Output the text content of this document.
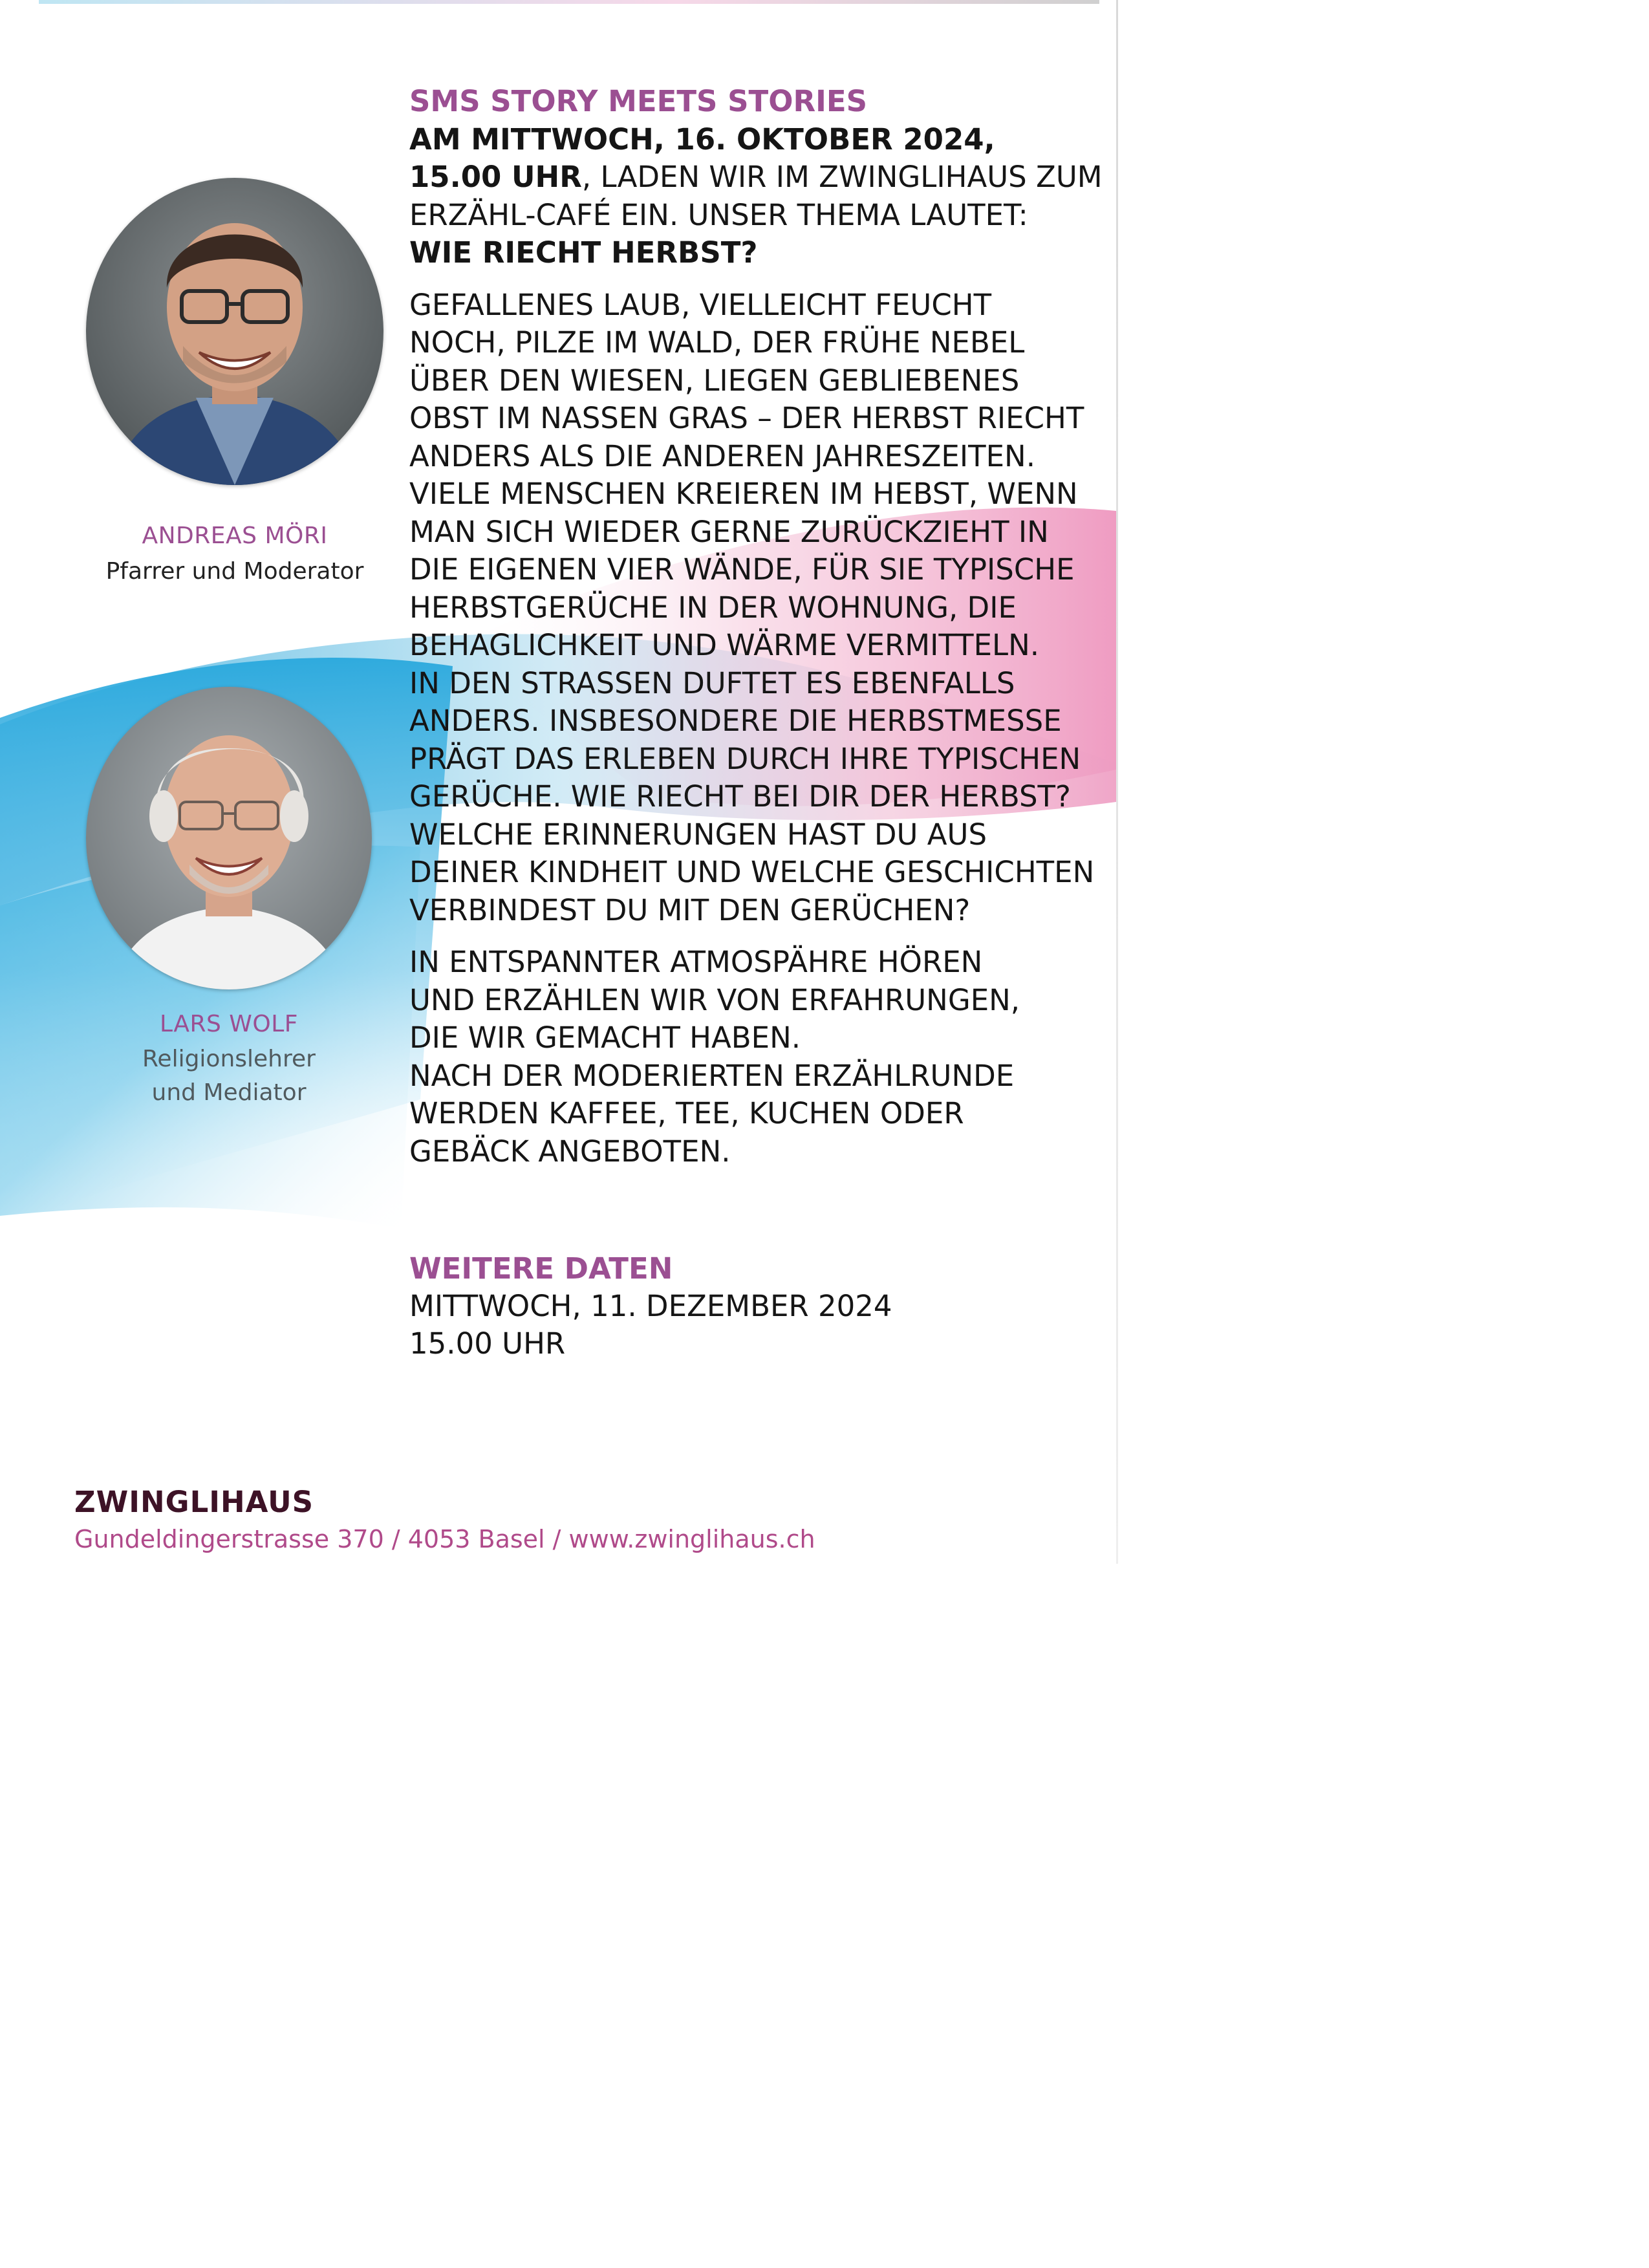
ANDREAS MÖRI
Pfarrer und Moderator
LARS WOLF
Religionslehrer
und Mediator
SMS STORY MEETS STORIES
AM MITTWOCH, 16. OKTOBER 2024,
15.00 UHR, LADEN WIR IM ZWINGLIHAUS ZUM
ERZÄHL-CAFÉ EIN. UNSER THEMA LAUTET:
WIE RIECHT HERBST?
GEFALLENES LAUB, VIELLEICHT FEUCHT
NOCH, PILZE IM WALD, DER FRÜHE NEBEL
ÜBER DEN WIESEN, LIEGEN GEBLIEBENES
OBST IM NASSEN GRAS – DER HERBST RIECHT
ANDERS ALS DIE ANDEREN JAHRESZEITEN.
VIELE MENSCHEN KREIEREN IM HEBST, WENN
MAN SICH WIEDER GERNE ZURÜCKZIEHT IN
DIE EIGENEN VIER WÄNDE, FÜR SIE TYPISCHE
HERBSTGERÜCHE IN DER WOHNUNG, DIE
BEHAGLICHKEIT UND WÄRME VERMITTELN.
IN DEN STRASSEN DUFTET ES EBENFALLS
ANDERS. INSBESONDERE DIE HERBSTMESSE
PRÄGT DAS ERLEBEN DURCH IHRE TYPISCHEN
GERÜCHE. WIE RIECHT BEI DIR DER HERBST?
WELCHE ERINNERUNGEN HAST DU AUS
DEINER KINDHEIT UND WELCHE GESCHICHTEN
VERBINDEST DU MIT DEN GERÜCHEN?
IN ENTSPANNTER ATMOSPÄHRE HÖREN
UND ERZÄHLEN WIR VON ERFAHRUNGEN,
DIE WIR GEMACHT HABEN.
NACH DER MODERIERTEN ERZÄHLRUNDE
WERDEN KAFFEE, TEE, KUCHEN ODER
GEBÄCK ANGEBOTEN.
WEITERE DATEN
MITTWOCH, 11. DEZEMBER 2024
15.00 UHR
ZWINGLIHAUS
Gundeldingerstrasse 370 / 4053 Basel / www.zwinglihaus.ch
